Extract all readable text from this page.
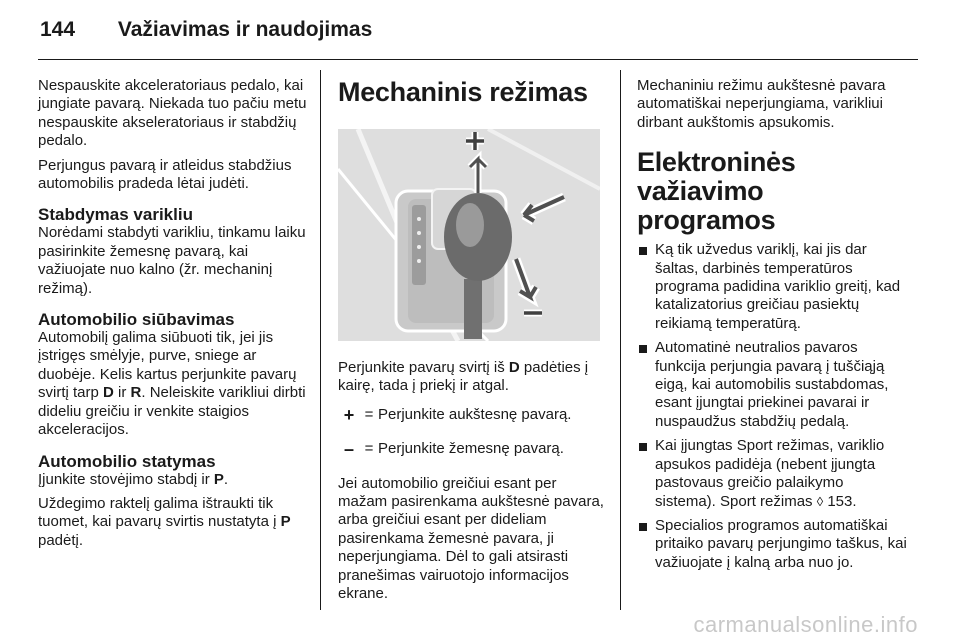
144 Važiavimas ir naudojimas

Nespauskite akceleratoriaus pedalo, kai jungiate pavarą. Niekada tuo pačiu metu nespauskite akseleratoriaus ir stabdžių pedalo.

Perjungus pavarą ir atleidus stabdžius automobilis pradeda lėtai judėti.

Stabdymas varikliu

Norėdami stabdyti varikliu, tinkamu laiku pasirinkite žemesnę pavarą, kai važiuojate nuo kalno (žr. mechaninį režimą).

Automobilio siūbavimas

Automobilį galima siūbuoti tik, jei jis įstrigęs smėlyje, purve, sniege ar duobėje. Kelis kartus perjunkite pavarų svirtį tarp D ir R. Neleiskite varikliui dirbti dideliu greičiu ir venkite staigios akceleracijos.

Automobilio statymas

Įjunkite stovėjimo stabdį ir P.

Uždegimo raktelį galima ištraukti tik tuomet, kai pavarų svirtis nustatyta į P padėtį.

Mechaninis režimas

Perjunkite pavarų svirtį iš D padėties į kairę, tada į priekį ir atgal.

+ = Perjunkite aukštesnę pavarą.
– = Perjunkite žemesnę pavarą.

Jei automobilio greičiui esant per mažam pasirenkama aukštesnė pavara, arba greičiui esant per dideliam pasirenkama žemesnė pavara, ji neperjungiama. Dėl to gali atsirasti pranešimas vairuotojo informacijos ekrane.

Mechaniniu režimu aukštesnė pavara automatiškai neperjungiama, varikliui dirbant aukštomis apsukomis.

Elektroninės važiavimo
programos
Ką tik užvedus variklį, kai jis dar šaltas, darbinės temperatūros programa padidina variklio greitį, kad katalizatorius greičiau pasiektų reikiamą temperatūrą.
Automatinė neutralios pavaros funkcija perjungia pavarą į tuščiąją eigą, kai automobilis sustabdomas, esant įjungtai priekinei pavarai ir nuspaudžus stabdžių pedalą.
Kai įjungtas Sport režimas, variklio apsukos padidėja (nebent įjungta pastovaus greičio palaikymo sistema). Sport režimas ◊ 153.
Specialios programos automatiškai pritaiko pavarų perjungimo taškus, kai važiuojate į kalną arba nuo jo.
carmanualsonline.info
